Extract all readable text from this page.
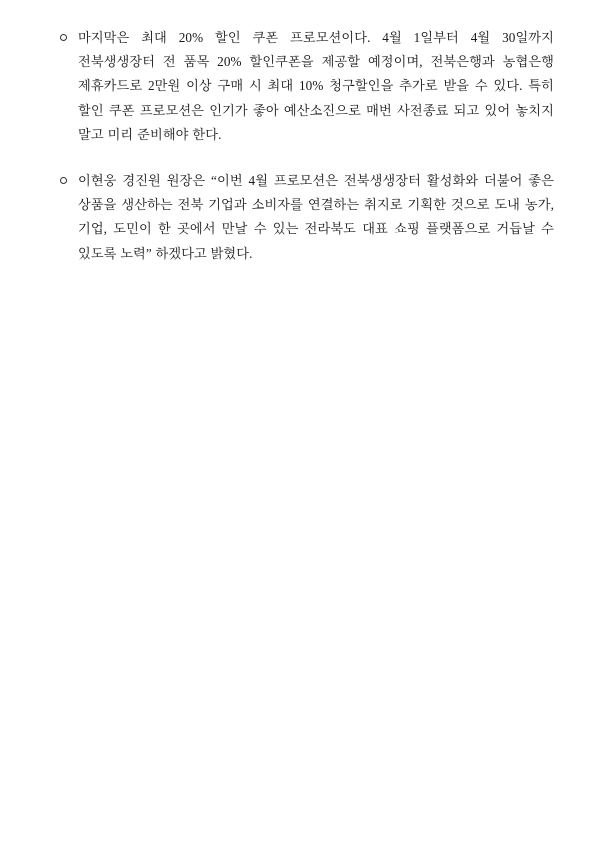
마지막은 최대 20% 할인 쿠폰 프로모션이다. 4월 1일부터 4월 30일까지 전북생생장터 전 품목 20% 할인쿠폰을 제공할 예정이며, 전북은행과 농협은행 제휴카드로 2만원 이상 구매 시 최대 10% 청구할인을 추가로 받을 수 있다. 특히 할인 쿠폰 프로모션은 인기가 좋아 예산소진으로 매번 사전종료 되고 있어 놓치지 말고 미리 준비해야 한다.
이현웅 경진원 원장은 “이번 4월 프로모션은 전북생생장터 활성화와 더불어 좋은 상품을 생산하는 전북 기업과 소비자를 연결하는 취지로 기획한 것으로 도내 농가, 기업, 도민이 한 곳에서 만날 수 있는 전라북도 대표 쇼핑 플랫폼으로 거듭날 수 있도록 노력” 하겠다고 밝혔다.
